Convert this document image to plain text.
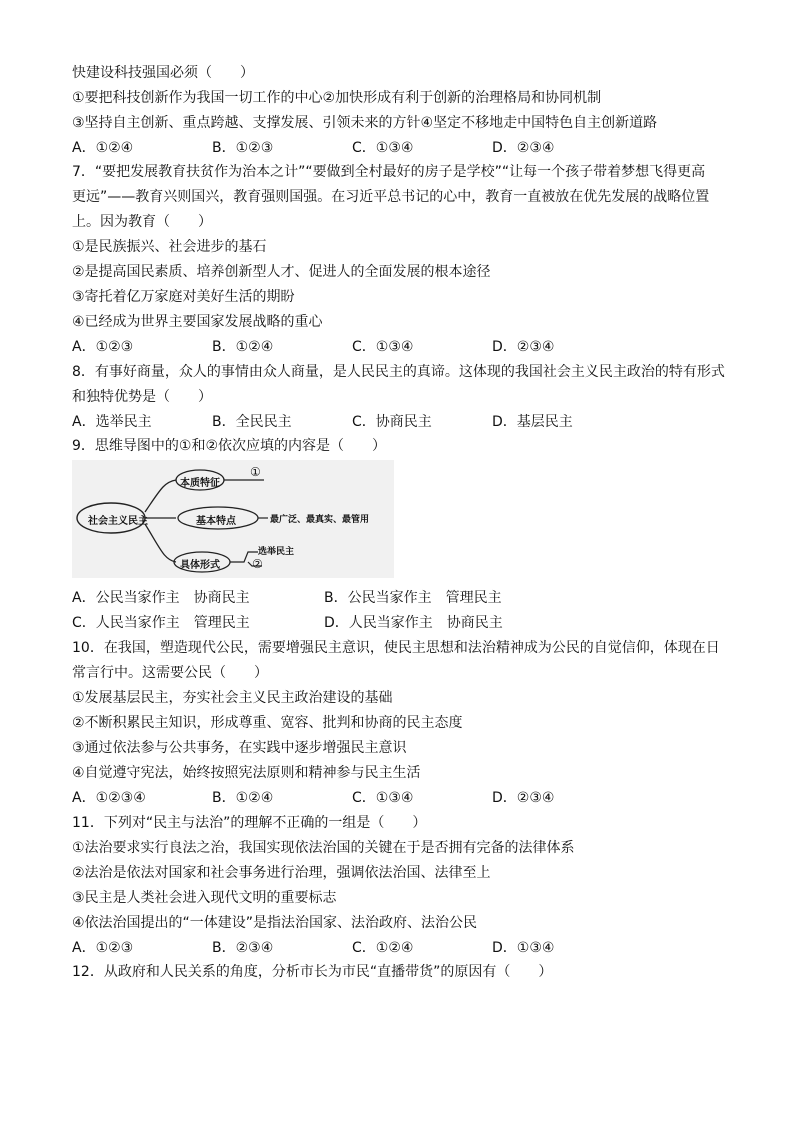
快建设科技强国必须（　　）
①要把科技创新作为我国一切工作的中心②加快形成有利于创新的治理格局和协同机制
③坚持自主创新、重点跨越、支撑发展、引领未来的方针④坚定不移地走中国特色自主创新道路
A．①②④	B．①②③	C．①③④	D．②③④
7．“要把发展教育扶贫作为治本之计”“要做到全村最好的房子是学校”“让每一个孩子带着梦想飞得更高
更远”——教育兴则国兴，教育强则国强。在习近平总书记的心中，教育一直被放在优先发展的战略位置
上。因为教育（　　）
①是民族振兴、社会进步的基石
②是提高国民素质、培养创新型人才、促进人的全面发展的根本途径
③寄托着亿万家庭对美好生活的期盼
④已经成为世界主要国家发展战略的重心
A．①②③	B．①②④	C．①③④	D．②③④
8．有事好商量，众人的事情由众人商量，是人民民主的真谛。这体现的我国社会主义民主政治的特有形式
和独特优势是（　　）
A．选举民主	B．全民民主	C．协商民主	D．基层民主
9．思维导图中的①和②依次应填的内容是（　　）
社会主义民主
本质特征
基本特点
具体形式
①
最广泛、最真实、最管用
选举民主
②
A．公民当家作主　协商民主	B．公民当家作主　管理民主
C．人民当家作主　管理民主	D．人民当家作主　协商民主
10．在我国，塑造现代公民，需要增强民主意识，使民主思想和法治精神成为公民的自觉信仰，体现在日
常言行中。这需要公民（　　）
①发展基层民主，夯实社会主义民主政治建设的基础
②不断积累民主知识，形成尊重、宽容、批判和协商的民主态度
③通过依法参与公共事务，在实践中逐步增强民主意识
④自觉遵守宪法，始终按照宪法原则和精神参与民主生活
A．①②③④	B．①②④	C．①③④	D．②③④
11．下列对“民主与法治”的理解不正确的一组是（　　）
①法治要求实行良法之治，我国实现依法治国的关键在于是否拥有完备的法律体系
②法治是依法对国家和社会事务进行治理，强调依法治国、法律至上
③民主是人类社会进入现代文明的重要标志
④依法治国提出的“一体建设”是指法治国家、法治政府、法治公民
A．①②③	B．②③④	C．①②④	D．①③④
12．从政府和人民关系的角度，分析市长为市民“直播带货”的原因有（　　）
